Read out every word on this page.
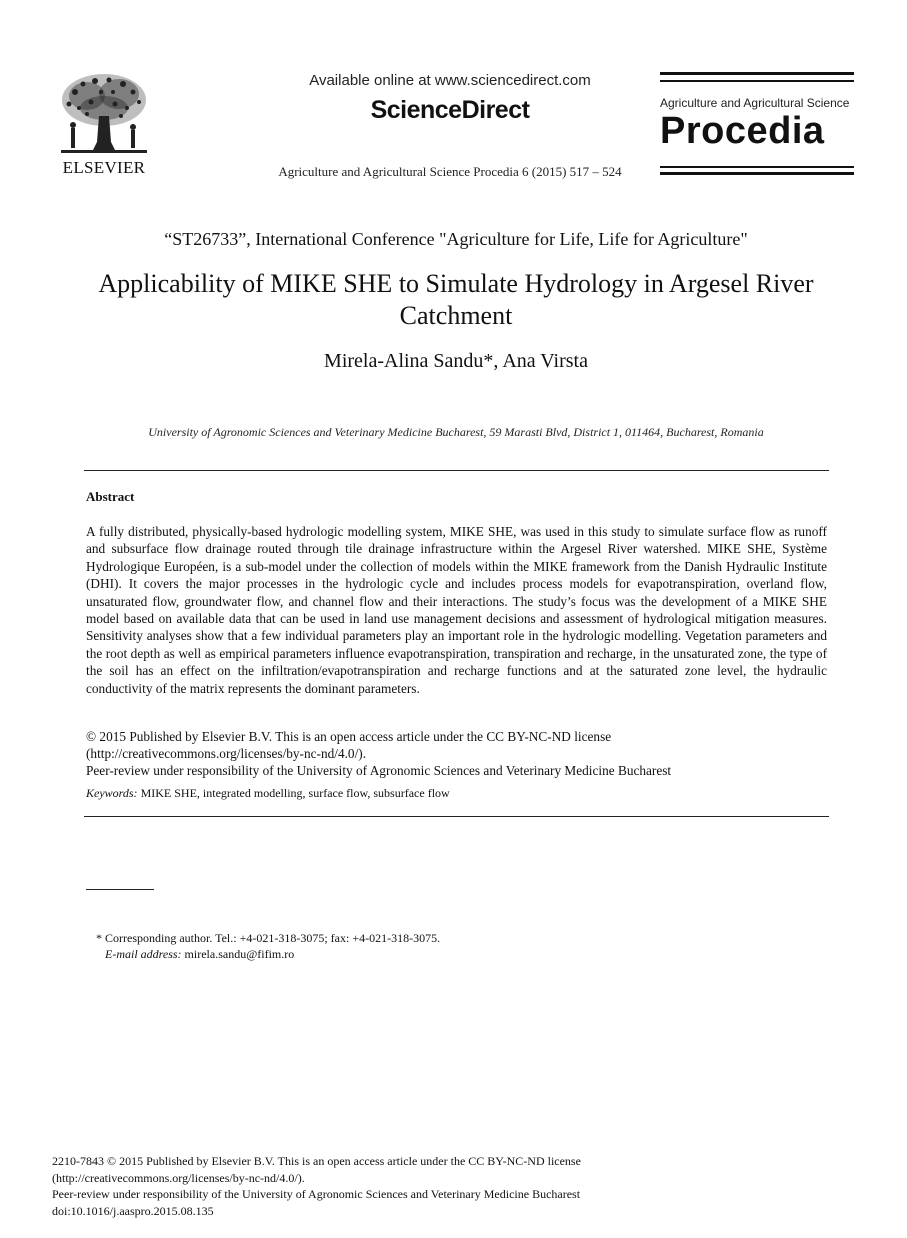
ELSEVIER
Available online at www.sciencedirect.com
ScienceDirect
Agriculture and Agricultural Science Procedia 6 (2015) 517 – 524
Agriculture and Agricultural Science
Procedia
“ST26733”, International Conference "Agriculture for Life, Life for Agriculture"
Applicability of MIKE SHE to Simulate Hydrology in Argesel River Catchment
Mirela-Alina Sandu*, Ana Virsta
University of Agronomic Sciences and Veterinary Medicine Bucharest, 59 Marasti Blvd, District 1, 011464, Bucharest, Romania
Abstract
A fully distributed, physically-based hydrologic modelling system, MIKE SHE, was used in this study to simulate surface flow as runoff and subsurface flow drainage routed through tile drainage infrastructure within the Argesel River watershed. MIKE SHE, Système Hydrologique Européen, is a sub-model under the collection of models within the MIKE framework from the Danish Hydraulic Institute (DHI). It covers the major processes in the hydrologic cycle and includes process models for evapotranspiration, overland flow, unsaturated flow, groundwater flow, and channel flow and their interactions. The study’s focus was the development of a MIKE SHE model based on available data that can be used in land use management decisions and assessment of hydrological mitigation measures. Sensitivity analyses show that a few individual parameters play an important role in the hydrologic modelling. Vegetation parameters and the root depth as well as empirical parameters influence evapotranspiration, transpiration and recharge, in the unsaturated zone, the type of the soil has an effect on the infiltration/evapotranspiration and recharge functions and at the saturated zone level, the hydraulic conductivity of the matrix represents the dominant parameters.
© 2015 Published by Elsevier B.V. This is an open access article under the CC BY-NC-ND license
(http://creativecommons.org/licenses/by-nc-nd/4.0/).
Peer-review under responsibility of the University of Agronomic Sciences and Veterinary Medicine Bucharest
Keywords: MIKE SHE, integrated modelling, surface flow, subsurface flow
* Corresponding author. Tel.: +4-021-318-3075; fax: +4-021-318-3075.
E-mail address: mirela.sandu@fifim.ro
2210-7843 © 2015 Published by Elsevier B.V. This is an open access article under the CC BY-NC-ND license
(http://creativecommons.org/licenses/by-nc-nd/4.0/).
Peer-review under responsibility of the University of Agronomic Sciences and Veterinary Medicine Bucharest
doi:10.1016/j.aaspro.2015.08.135
